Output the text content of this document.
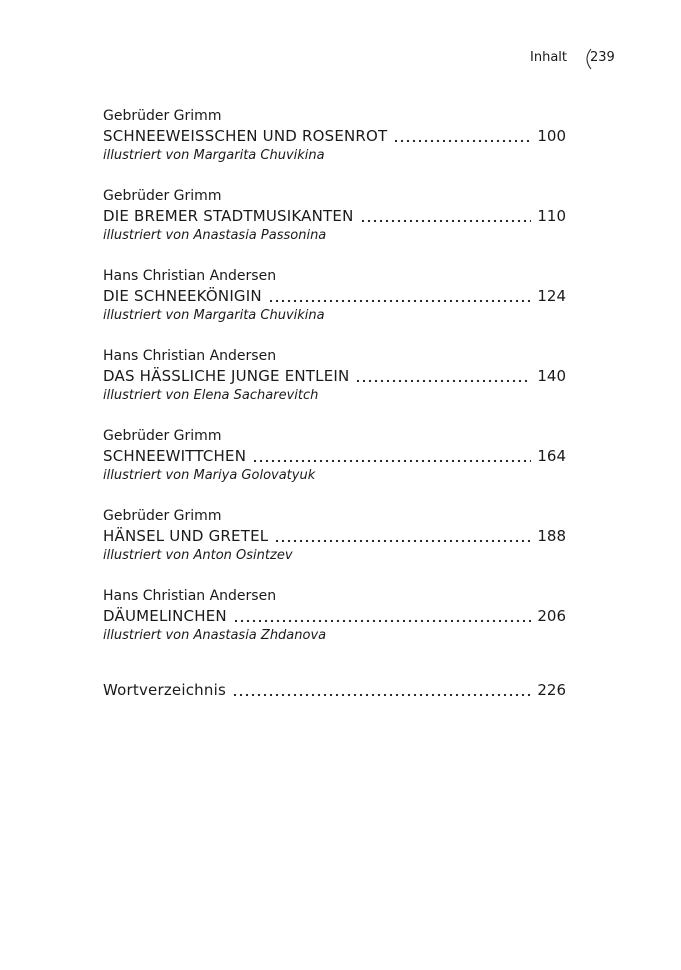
Inhalt 239
Gebrüder Grimm
SCHNEEWEISSCHEN UND ROSENROT	100
illustriert von Margarita Chuvikina
Gebrüder Grimm
DIE BREMER STADTMUSIKANTEN	110
illustriert von Anastasia Passonina
Hans Christian Andersen
DIE SCHNEEKÖNIGIN	124
illustriert von Margarita Chuvikina
Hans Christian Andersen
DAS HÄSSLICHE JUNGE ENTLEIN	140
illustriert von Elena Sacharevitch
Gebrüder Grimm
SCHNEEWITTCHEN	164
illustriert von Mariya Golovatyuk
Gebrüder Grimm
HÄNSEL UND GRETEL	188
illustriert von Anton Osintzev
Hans Christian Andersen
DÄUMELINCHEN	206
illustriert von Anastasia Zhdanova
Wortverzeichnis	226
